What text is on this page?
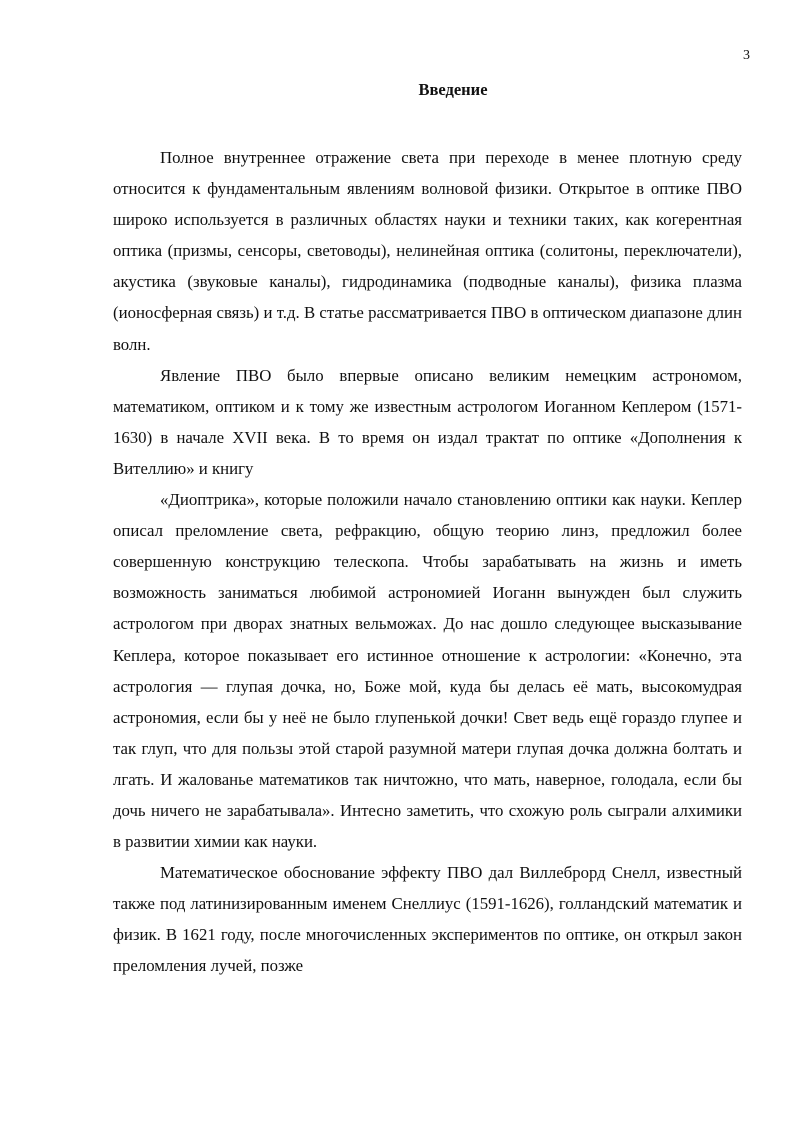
3
Введение

Полное внутреннее отражение света при переходе в менее плотную среду относится к фундаментальным явлениям волновой физики. Открытое в оптике ПВО широко используется в различных областях науки и техники таких, как когерентная оптика (призмы, сенсоры, световоды), нелинейная оптика (солитоны, переключатели), акустика (звуковые каналы), гидродинамика (подводные каналы), физика плазма (ионосферная связь) и т.д. В статье рассматривается ПВО в оптическом диапазоне длин волн.

Явление ПВО было впервые описано великим немецким астрономом, математиком, оптиком и к тому же известным астрологом Иоганном Кеплером (1571-1630) в начале XVII века. В то время он издал трактат по оптике «Дополнения к Вителлию» и книгу

«Диоптрика», которые положили начало становлению оптики как науки. Кеплер описал преломление света, рефракцию, общую теорию линз, предложил более совершенную конструкцию телескопа. Чтобы зарабатывать на жизнь и иметь возможность заниматься любимой астрономией Иоганн вынужден был служить астрологом при дворах знатных вельможах. До нас дошло следующее высказывание Кеплера, которое показывает его истинное отношение к астрологии: «Конечно, эта астрология — глупая дочка, но, Боже мой, куда бы делась её мать, высокомудрая астрономия, если бы у неё не было глупенькой дочки! Свет ведь ещё гораздо глупее и так глуп, что для пользы этой старой разумной матери глупая дочка должна болтать и лгать. И жалованье математиков так ничтожно, что мать, наверное, голодала, если бы дочь ничего не зарабатывала». Интесно заметить, что схожую роль сыграли алхимики в развитии химии как науки.

Математическое обоснование эффекту ПВО дал Виллеброрд Снелл, известный также под латинизированным именем Снеллиус (1591-1626), голландский математик и физик. В 1621 году, после многочисленных экспериментов по оптике, он открыл закон преломления лучей, позже
